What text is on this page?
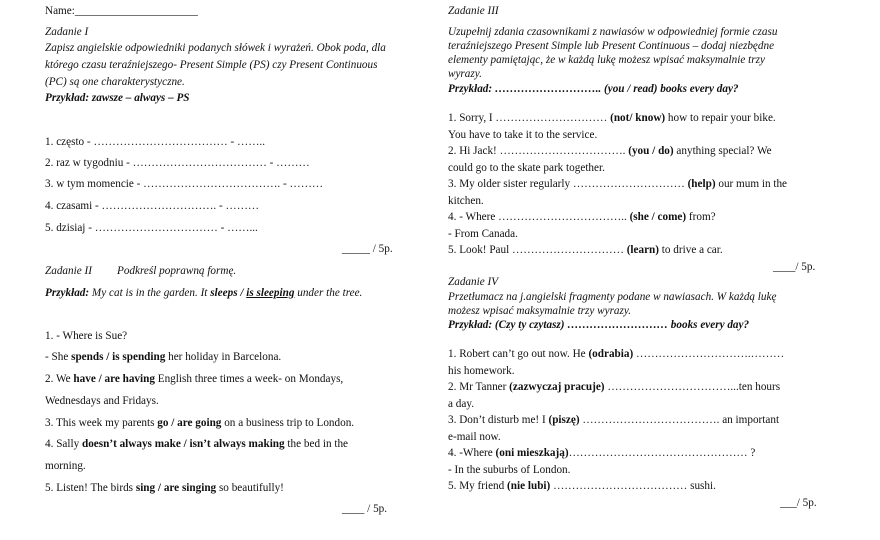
Name:______________________
Zadanie I
Zapisz angielskie odpowiedniki podanych słówek i wyrażeń. Obok poda, dla
którego czasu teraźniejszego- Present Simple (PS) czy Present Continuous
(PC) są one charakterystyczne.
Przykład: zawsze – always – PS
1. często - ……………………………… - ……..
2. raz w tygodniu - ……………………………… - ………
3. w tym momencie - ………………………………. - ………
4. czasami - …………………………. - ………
5. dzisiaj - …………………………… - ……...
_____ / 5p.
Zadanie II Podkreśl poprawną formę.
Przykład: My cat is in the garden. It sleeps / is sleeping under the tree.
1. - Where is Sue?
- She spends / is spending her holiday in Barcelona.
2. We have / are having English three times a week- on Mondays,
Wednesdays and Fridays.
3. This week my parents go / are going on a business trip to London.
4. Sally doesn’t always make / isn’t always making the bed in the
morning.
5. Listen! The birds sing / are singing so beautifully!
____ / 5p.
Zadanie III
Uzupełnij zdania czasownikami z nawiasów w odpowiedniej formie czasu
teraźniejszego Present Simple lub Present Continuous – dodaj niezbędne
elementy pamiętając, że w każdą lukę możesz wpisać maksymalnie trzy
wyrazy.
Przykład: ……………………….. (you / read) books every day?
1. Sorry, I ………………………… (not/ know) how to repair your bike.
You have to take it to the service.
2. Hi Jack! ……………………………. (you / do) anything special? We
could go to the skate park together.
3. My older sister regularly ………………………… (help) our mum in the
kitchen.
4. - Where …………………………….. (she / come) from?
- From Canada.
5. Look! Paul ………………………… (learn) to drive a car.
____/ 5p.
Zadanie IV
Przetłumacz na j.angielski fragmenty podane w nawiasach. W każdą lukę
możesz wpisać maksymalnie trzy wyrazy.
Przykład: (Czy ty czytasz) ……………………… books every day?
1. Robert can’t go out now. He (odrabia) ………………………….………
his homework.
2. Mr Tanner (zazwyczaj pracuje) ……………………………...ten hours
a day.
3. Don’t disturb me! I (piszę) ………………………………. an important
e-mail now.
4. -Where (oni mieszkają)………………………………………… ?
- In the suburbs of London.
5. My friend (nie lubi) ……………………………… sushi.
___/ 5p.
